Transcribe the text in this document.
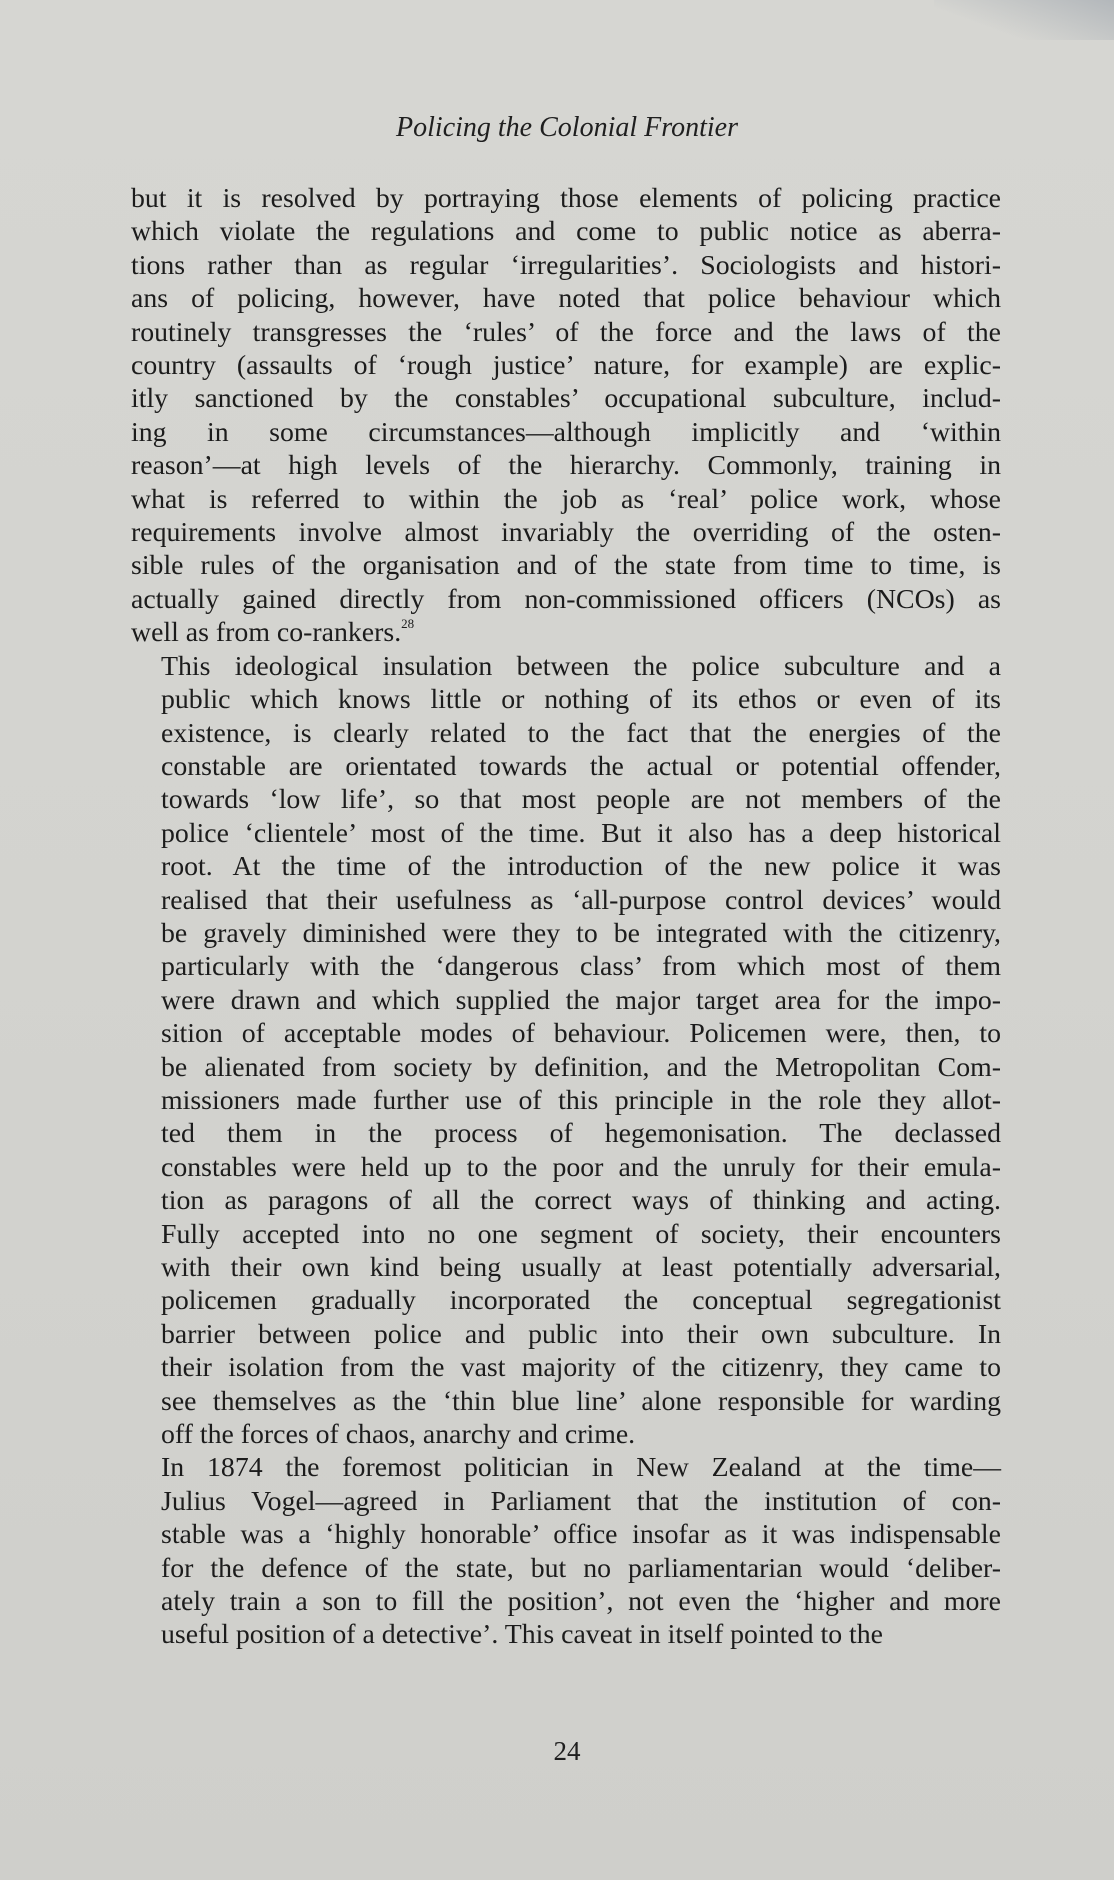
Policing the Colonial Frontier

but it is resolved by portraying those elements of policing practice
which violate the regulations and come to public notice as aberra-
tions rather than as regular ‘irregularities’. Sociologists and histori-
ans of policing, however, have noted that police behaviour which
routinely transgresses the ‘rules’ of the force and the laws of the
country (assaults of ‘rough justice’ nature, for example) are explic-
itly sanctioned by the constables’ occupational subculture, includ-
ing in some circumstances—although implicitly and ‘within
reason’—at high levels of the hierarchy. Commonly, training in
what is referred to within the job as ‘real’ police work, whose
requirements involve almost invariably the overriding of the osten-
sible rules of the organisation and of the state from time to time, is
actually gained directly from non-commissioned officers (NCOs) as
well as from co-rankers.$^{28}$

This ideological insulation between the police subculture and a
public which knows little or nothing of its ethos or even of its
existence, is clearly related to the fact that the energies of the
constable are orientated towards the actual or potential offender,
towards ‘low life’, so that most people are not members of the
police ‘clientele’ most of the time. But it also has a deep historical
root. At the time of the introduction of the new police it was
realised that their usefulness as ‘all-purpose control devices’ would
be gravely diminished were they to be integrated with the citizenry,
particularly with the ‘dangerous class’ from which most of them
were drawn and which supplied the major target area for the impo-
sition of acceptable modes of behaviour. Policemen were, then, to
be alienated from society by definition, and the Metropolitan Com-
missioners made further use of this principle in the role they allot-
ted them in the process of hegemonisation. The declassed
constables were held up to the poor and the unruly for their emula-
tion as paragons of all the correct ways of thinking and acting.
Fully accepted into no one segment of society, their encounters
with their own kind being usually at least potentially adversarial,
policemen gradually incorporated the conceptual segregationist
barrier between police and public into their own subculture. In
their isolation from the vast majority of the citizenry, they came to
see themselves as the ‘thin blue line’ alone responsible for warding
off the forces of chaos, anarchy and crime.

In 1874 the foremost politician in New Zealand at the time—
Julius Vogel—agreed in Parliament that the institution of con-
stable was a ‘highly honorable’ office insofar as it was indispensable
for the defence of the state, but no parliamentarian would ‘deliber-
ately train a son to fill the position’, not even the ‘higher and more
useful position of a detective’. This caveat in itself pointed to the

24
